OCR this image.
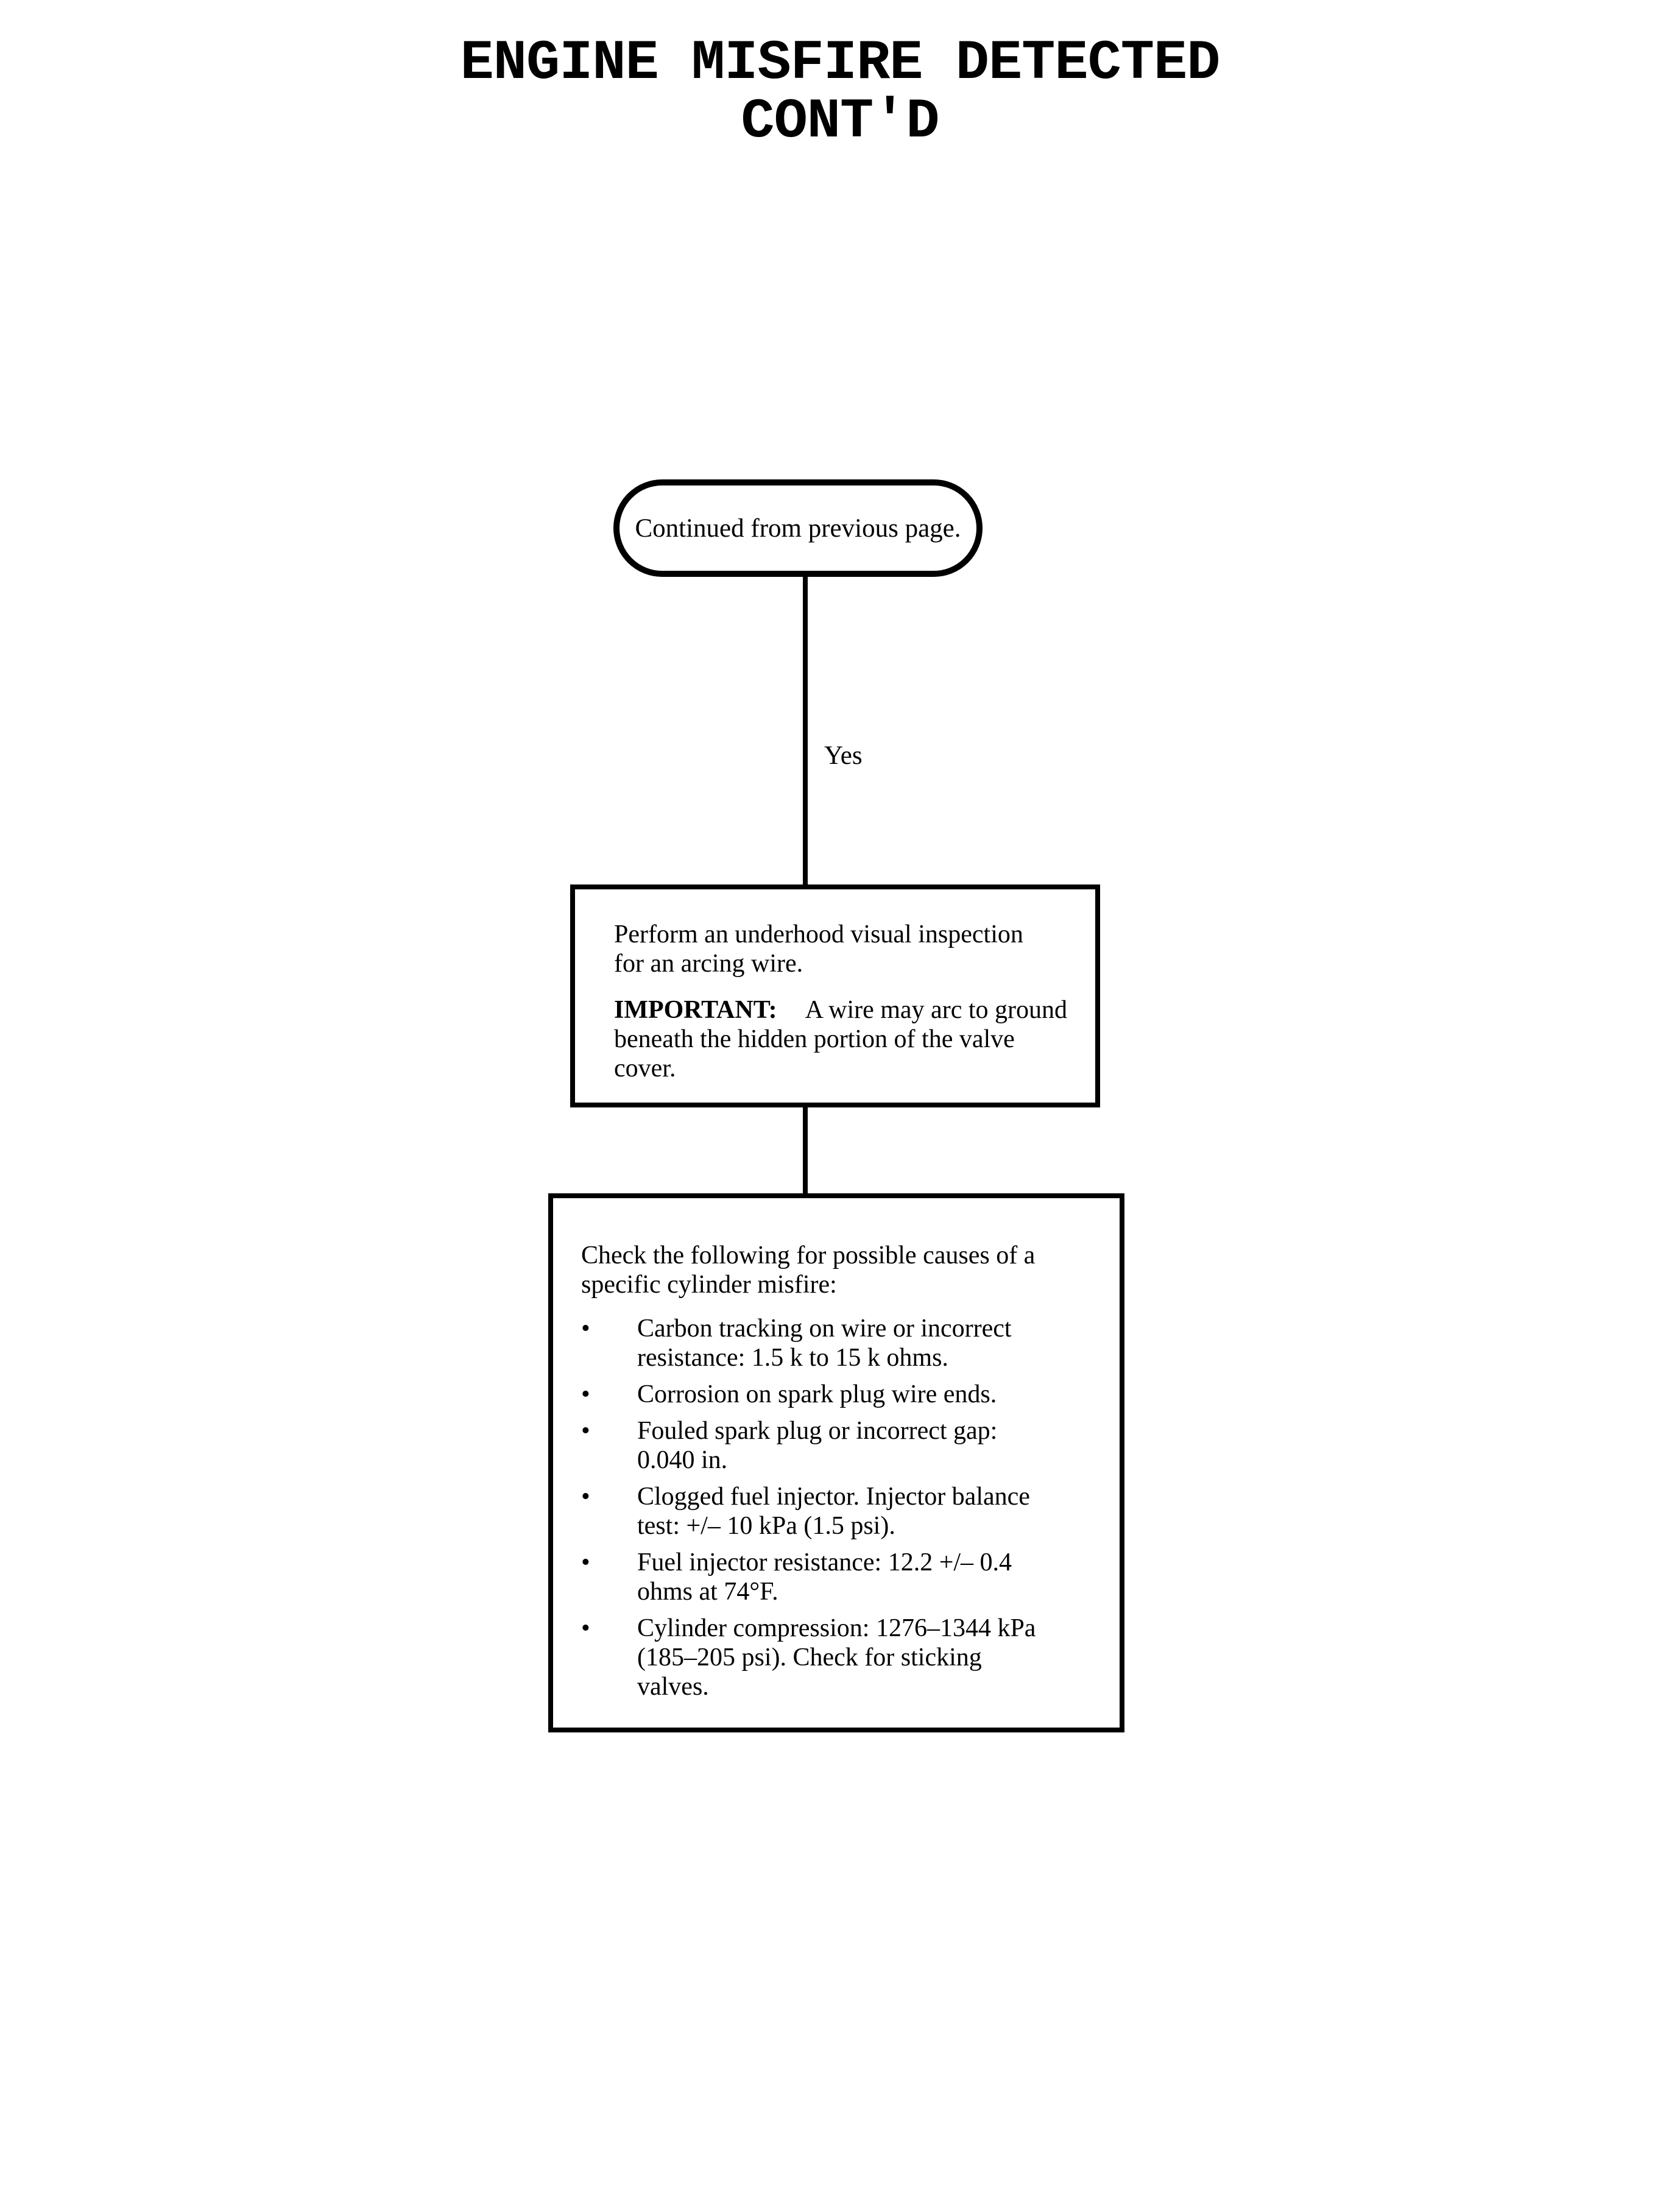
ENGINE MISFIRE DETECTED
CONT'D
Continued from previous page.
Yes
Perform an underhood visual inspection
for an arcing wire.
IMPORTANT: A wire may arc to ground
beneath the hidden portion of the valve
cover.
Check the following for possible causes of a
specific cylinder misfire:
•	Carbon tracking on wire or incorrect
resistance: 1.5 k to 15 k ohms.
•	Corrosion on spark plug wire ends.
•	Fouled spark plug or incorrect gap:
0.040 in.
•	Clogged fuel injector. Injector balance
test: +/– 10 kPa (1.5 psi).
•	Fuel injector resistance: 12.2 +/– 0.4
ohms at 74°F.
•	Cylinder compression: 1276–1344 kPa
(185–205 psi). Check for sticking
valves.
